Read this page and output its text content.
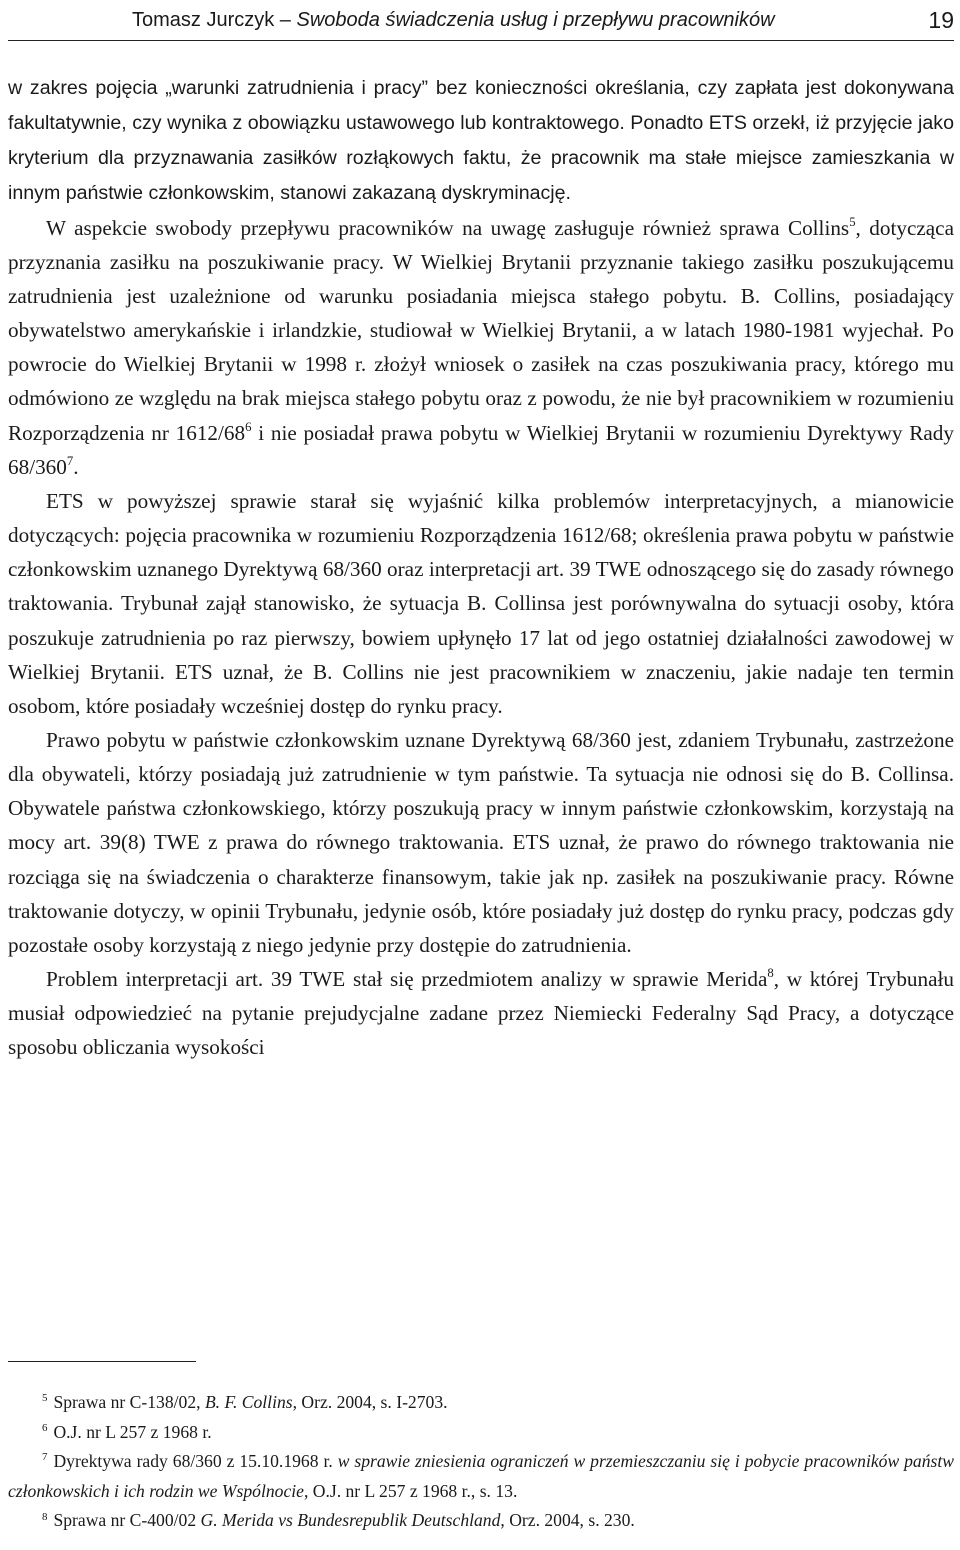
Tomasz Jurczyk – Swoboda świadczenia usług i przepływu pracowników	19

w zakres pojęcia „warunki zatrudnienia i pracy” bez konieczności określania, czy zapłata jest dokonywana fakultatywnie, czy wynika z obowiązku ustawowego lub kontraktowego. Ponadto ETS orzekł, iż przyjęcie jako kryterium dla przyznawania zasiłków rozłąkowych faktu, że pracownik ma stałe miejsce zamieszkania w innym państwie członkowskim, stanowi zakazaną dyskryminację.

W aspekcie swobody przepływu pracowników na uwagę zasługuje również sprawa Collins$^5$, dotycząca przyznania zasiłku na poszukiwanie pracy. W Wielkiej Brytanii przyznanie takiego zasiłku poszukującemu zatrudnienia jest uzależnione od warunku posiadania miejsca stałego pobytu. B. Collins, posiadający obywatelstwo amerykańskie i irlandzkie, studiował w Wielkiej Brytanii, a w latach 1980-1981 wyjechał. Po powrocie do Wielkiej Brytanii w 1998 r. złożył wniosek o zasiłek na czas poszukiwania pracy, którego mu odmówiono ze względu na brak miejsca stałego pobytu oraz z powodu, że nie był pracownikiem w rozumieniu Rozporządzenia nr $1612/68^6$ i nie posiadał prawa pobytu w Wielkiej Brytanii w rozumieniu Dyrektywy Rady $68/360^7$.

ETS w powyższej sprawie starał się wyjaśnić kilka problemów interpretacyjnych, a mianowicie dotyczących: pojęcia pracownika w rozumieniu Rozporządzenia 1612/68; określenia prawa pobytu w państwie członkowskim uznanego Dyrektywą 68/360 oraz interpretacji art. 39 TWE odnoszącego się do zasady równego traktowania. Trybunał zajął stanowisko, że sytuacja B. Collinsa jest porównywalna do sytuacji osoby, która poszukuje zatrudnienia po raz pierwszy, bowiem upłynęło 17 lat od jego ostatniej działalności zawodowej w Wielkiej Brytanii. ETS uznał, że B. Collins nie jest pracownikiem w znaczeniu, jakie nadaje ten termin osobom, które posiadały wcześniej dostęp do rynku pracy.

Prawo pobytu w państwie członkowskim uznane Dyrektywą 68/360 jest, zdaniem Trybunału, zastrzeżone dla obywateli, którzy posiadają już zatrudnienie w tym państwie. Ta sytuacja nie odnosi się do B. Collinsa. Obywatele państwa członkowskiego, którzy poszukują pracy w innym państwie członkowskim, korzystają na mocy art. 39(8) TWE z prawa do równego traktowania. ETS uznał, że prawo do równego traktowania nie rozciąga się na świadczenia o charakterze finansowym, takie jak np. zasiłek na poszukiwanie pracy. Równe traktowanie dotyczy, w opinii Trybunału, jedynie osób, które posiadały już dostęp do rynku pracy, podczas gdy pozostałe osoby korzystają z niego jedynie przy dostępie do zatrudnienia.

Problem interpretacji art. 39 TWE stał się przedmiotem analizy w sprawie Merida$^8$, w której Trybunału musiał odpowiedzieć na pytanie prejudycjalne zadane przez Niemiecki Federalny Sąd Pracy, a dotyczące sposobu obliczania wysokości

$^5$ Sprawa nr C-138/02, B. F. Collins, Orz. 2004, s. I-2703.

$^6$ O.J. nr L 257 z 1968 r.

$^7$ Dyrektywa rady 68/360 z 15.10.1968 r. w sprawie zniesienia ograniczeń w przemieszczaniu się i pobycie pracowników państw członkowskich i ich rodzin we Wspólnocie, O.J. nr L 257 z 1968 r., s. 13.

$^8$ Sprawa nr C-400/02 G. Merida vs Bundesrepublik Deutschland, Orz. 2004, s. 230.
